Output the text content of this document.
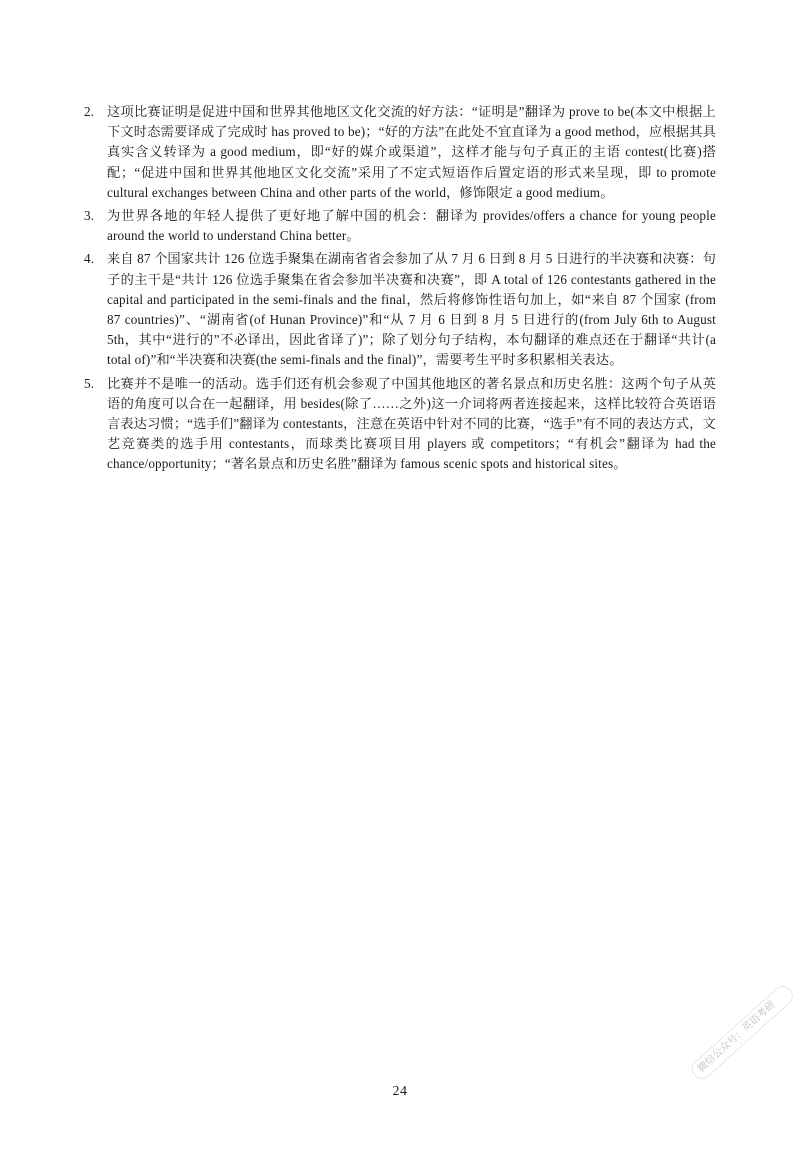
2. 这项比赛证明是促进中国和世界其他地区文化交流的好方法：“证明是”翻译为 prove to be(本文中根据上下文时态需要译成了完成时 has proved to be)；“好的方法”在此处不宜直译为 a good method，应根据其具真实含义转译为 a good medium，即“好的媒介或渠道”，这样才能与句子真正的主语 contest(比赛)搭配；“促进中国和世界其他地区文化交流”采用了不定式短语作后置定语的形式来呈现，即 to promote cultural exchanges between China and other parts of the world，修饰限定 a good medium。
3. 为世界各地的年轻人提供了更好地了解中国的机会：翻译为 provides/offers a chance for young people around the world to understand China better。
4. 来自 87 个国家共计 126 位选手聚集在湖南省省会参加了从 7 月 6 日到 8 月 5 日进行的半决赛和决赛：句子的主干是“共计 126 位选手聚集在省会参加半决赛和决赛”，即 A total of 126 contestants gathered in the capital and participated in the semi-finals and the final，然后将修饰性语句加上，如“来自 87 个国家 (from 87 countries)”、“湖南省(of Hunan Province)”和“从 7 月 6 日到 8 月 5 日进行的(from July 6th to August 5th，其中“进行的”不必译出，因此省译了)”；除了划分句子结构，本句翻译的难点还在于翻译“共计(a total of)”和“半决赛和决赛(the semi-finals and the final)”，需要考生平时多积累相关表达。
5. 比赛并不是唯一的活动。选手们还有机会参观了中国其他地区的著名景点和历史名胜：这两个句子从英语的角度可以合在一起翻译，用 besides(除了……之外)这一介词将两者连接起来，这样比较符合英语语言表达习惯；“选手们”翻译为 contestants，注意在英语中针对不同的比赛，“选手”有不同的表达方式，文艺竞赛类的选手用 contestants，而球类比赛项目用 players 或 competitors；“有机会”翻译为 had the chance/opportunity；“著名景点和历史名胜”翻译为 famous scenic spots and historical sites。
24
微信公众号：英语考研
